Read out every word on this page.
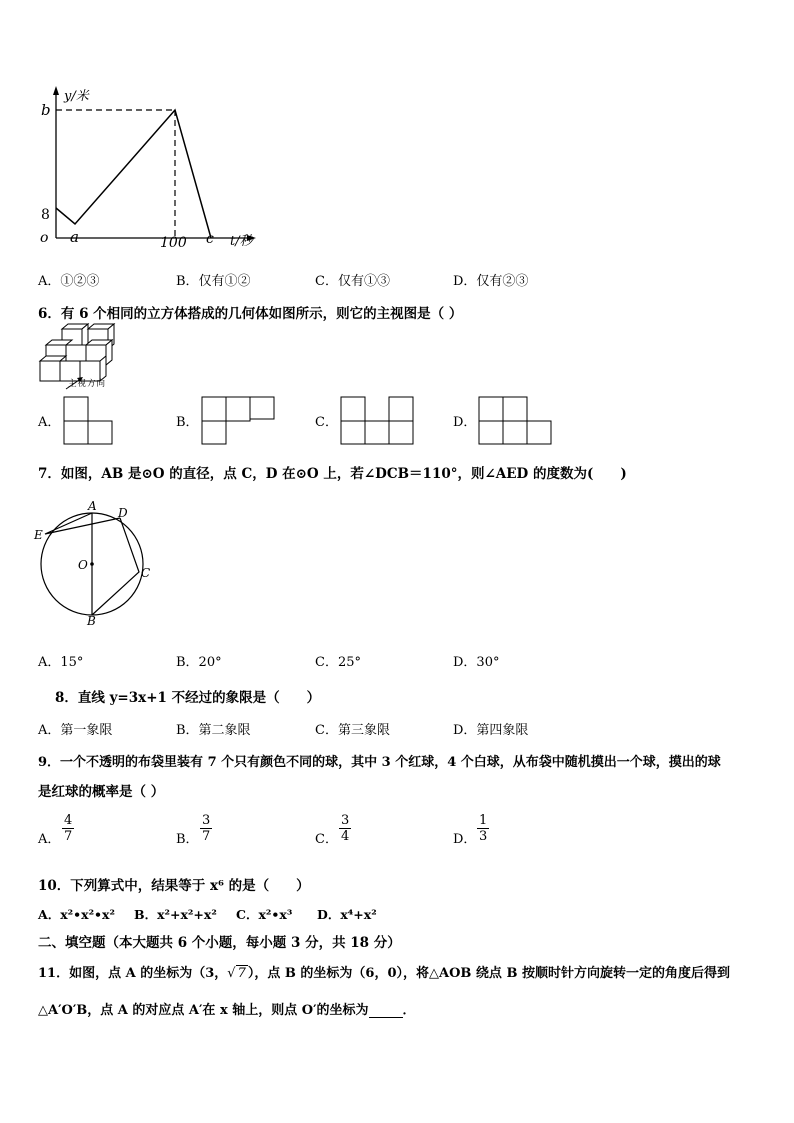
y/米
b
8
o a	100 c t/秒
A．①②③	B．仅有①②	C．仅有①③	D．仅有②③
6．有 6 个相同的立方体搭成的几何体如图所示，则它的主视图是（ ）
主视方向
A．	B．	C．	D．
7．如图，AB 是⊙O 的直径，点 C，D 在⊙O 上，若∠DCB＝110°，则∠AED 的度数为(　　)
A D
E
O
C
B
A．15°	B．20°	C．25°	D．30°
8．直线 y=3x+1 不经过的象限是（　　）
A．第一象限	B．第二象限	C．第三象限	D．第四象限
9．一个不透明的布袋里装有 7 个只有颜色不同的球，其中 3 个红球，4 个白球，从布袋中随机摸出一个球，摸出的球
是红球的概率是（ ）
A． $\frac{4}{7}$	B． $\frac{3}{7}$	C． $\frac{3}{4}$	D． $\frac{1}{3}$
10．下列算式中，结果等于 x⁶ 的是（　　）
A．x²•x²•x² B．x²+x²+x² C．x²•x³ D．x⁴+x²
二、填空题（本大题共 6 个小题，每小题 3 分，共 18 分）
11．如图，点 A 的坐标为（3，√ 7 ），点 B 的坐标为（6，0），将△AOB 绕点 B 按顺时针方向旋转一定的角度后得到
△A′O′B，点 A 的对应点 A′在 x 轴上，则点 O′的坐标为	．
